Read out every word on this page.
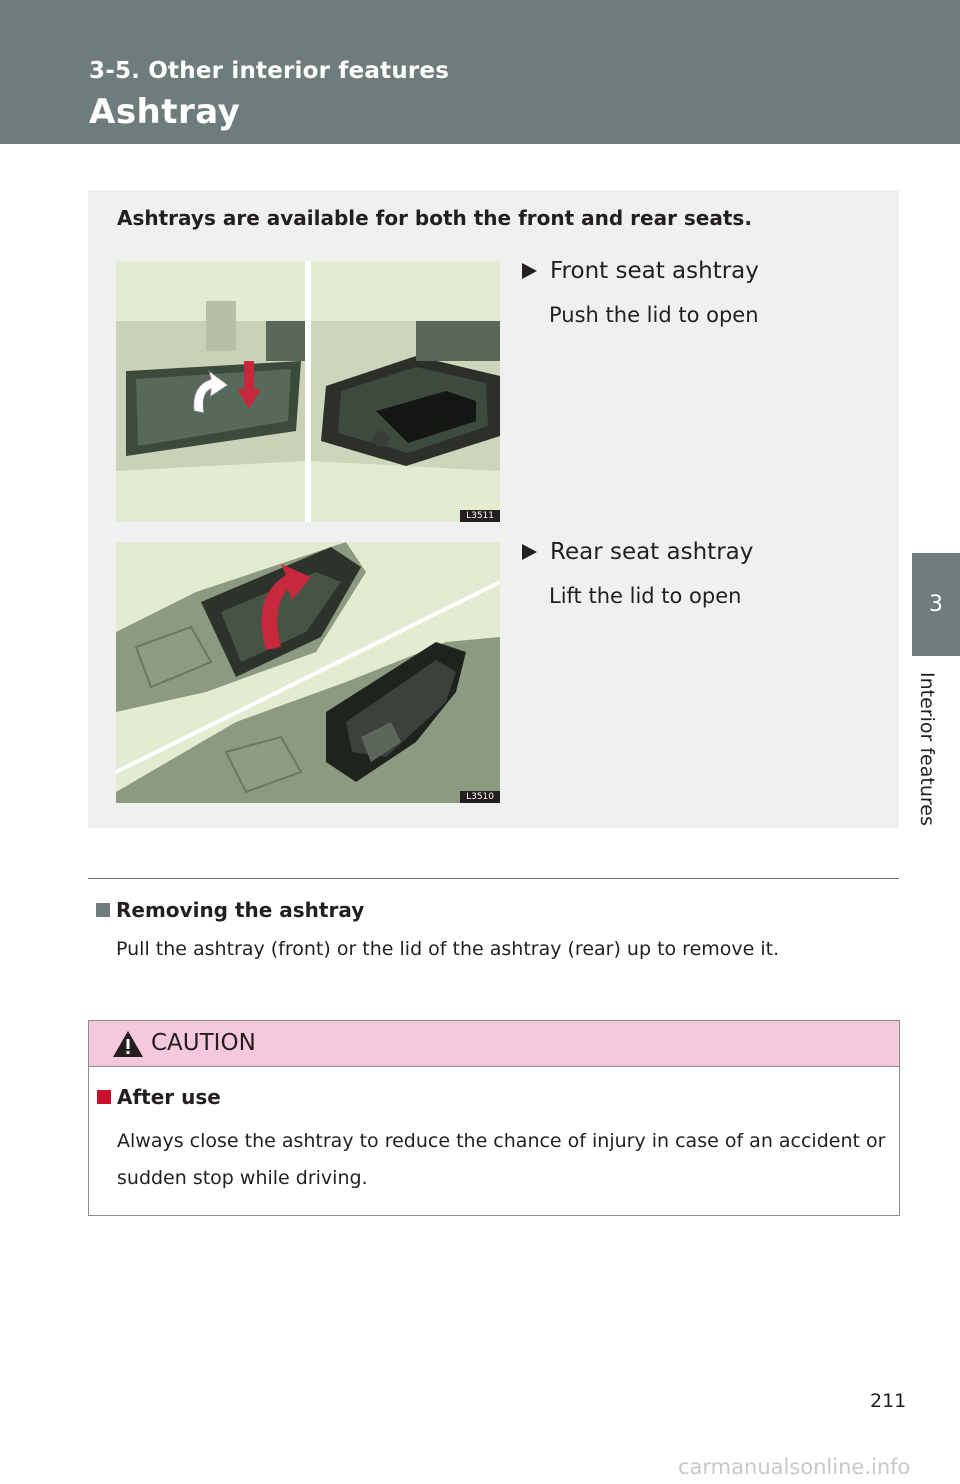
3-5. Other interior features
Ashtray
3
Interior features
Ashtrays are available for both the front and rear seats.
L3511
Front seat ashtray
Push the lid to open
L3510
Rear seat ashtray
Lift the lid to open
Removing the ashtray
Pull the ashtray (front) or the lid of the ashtray (rear) up to remove it.
CAUTION
After use
Always close the ashtray to reduce the chance of injury in case of an accident or sudden stop while driving.
211
carmanualsonline.info
